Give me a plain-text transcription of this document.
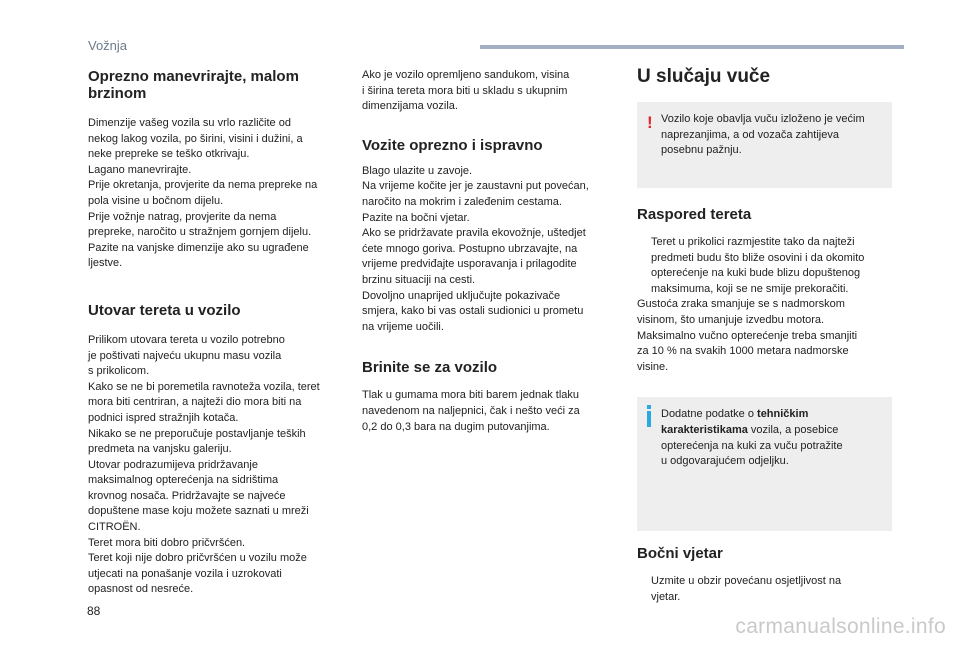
Vožnja
Oprezno manevrirajte, malom
brzinom

Dimenzije vašeg vozila su vrlo različite od
nekog lakog vozila, po širini, visini i dužini, a
neke prepreke se teško otkrivaju.
Lagano manevrirajte.
Prije okretanja, provjerite da nema prepreke na
pola visine u bočnom dijelu.
Prije vožnje natrag, provjerite da nema
prepreke, naročito u stražnjem gornjem dijelu.
Pazite na vanjske dimenzije ako su ugrađene
ljestve.

Utovar tereta u vozilo

Prilikom utovara tereta u vozilo potrebno
je poštivati najveću ukupnu masu vozila
s prikolicom.
Kako se ne bi poremetila ravnoteža vozila, teret
mora biti centriran, a najteži dio mora biti na
podnici ispred stražnjih kotača.
Nikako se ne preporučuje postavljanje teških
predmeta na vanjsku galeriju.
Utovar podrazumijeva pridržavanje
maksimalnog opterećenja na sidrištima
krovnog nosača. Pridržavajte se najveće
dopuštene mase koju možete saznati u mreži
CITROËN.
Teret mora biti dobro pričvršćen.
Teret koji nije dobro pričvršćen u vozilu može
utjecati na ponašanje vozila i uzrokovati
opasnost od nesreće.

Ako je vozilo opremljeno sandukom, visina
i širina tereta mora biti u skladu s ukupnim
dimenzijama vozila.

Vozite oprezno i ispravno

Blago ulazite u zavoje.
Na vrijeme kočite jer je zaustavni put povećan,
naročito na mokrim i zaleđenim cestama.
Pazite na bočni vjetar.
Ako se pridržavate pravila ekovožnje, uštedjet
ćete mnogo goriva. Postupno ubrzavajte, na
vrijeme predviđajte usporavanja i prilagodite
brzinu situaciji na cesti.
Dovoljno unaprijed uključujte pokazivače
smjera, kako bi vas ostali sudionici u prometu
na vrijeme uočili.

Brinite se za vozilo

Tlak u gumama mora biti barem jednak tlaku
navedenom na naljepnici, čak i nešto veći za
0,2 do 0,3 bara na dugim putovanjima.

U slučaju vuče
! Vozilo koje obavlja vuču izloženo je većim
naprezanjima, a od vozača zahtijeva
posebnu pažnju.

Raspored tereta

Teret u prikolici razmjestite tako da najteži
predmeti budu što bliže osovini i da okomito
opterećenje na kuki bude blizu dopuštenog
maksimuma, koji se ne smije prekoračiti.

Gustoća zraka smanjuje se s nadmorskom
visinom, što umanjuje izvedbu motora.
Maksimalno vučno opterećenje treba smanjiti
za 10 % na svakih 1000 metara nadmorske
visine.

Dodatne podatke o tehničkim
karakteristikama vozila, a posebice
opterećenja na kuki za vuču potražite
u odgovarajućem odjeljku.

Bočni vjetar

Uzmite u obzir povećanu osjetljivost na
vjetar.

88
carmanualsonline.info
